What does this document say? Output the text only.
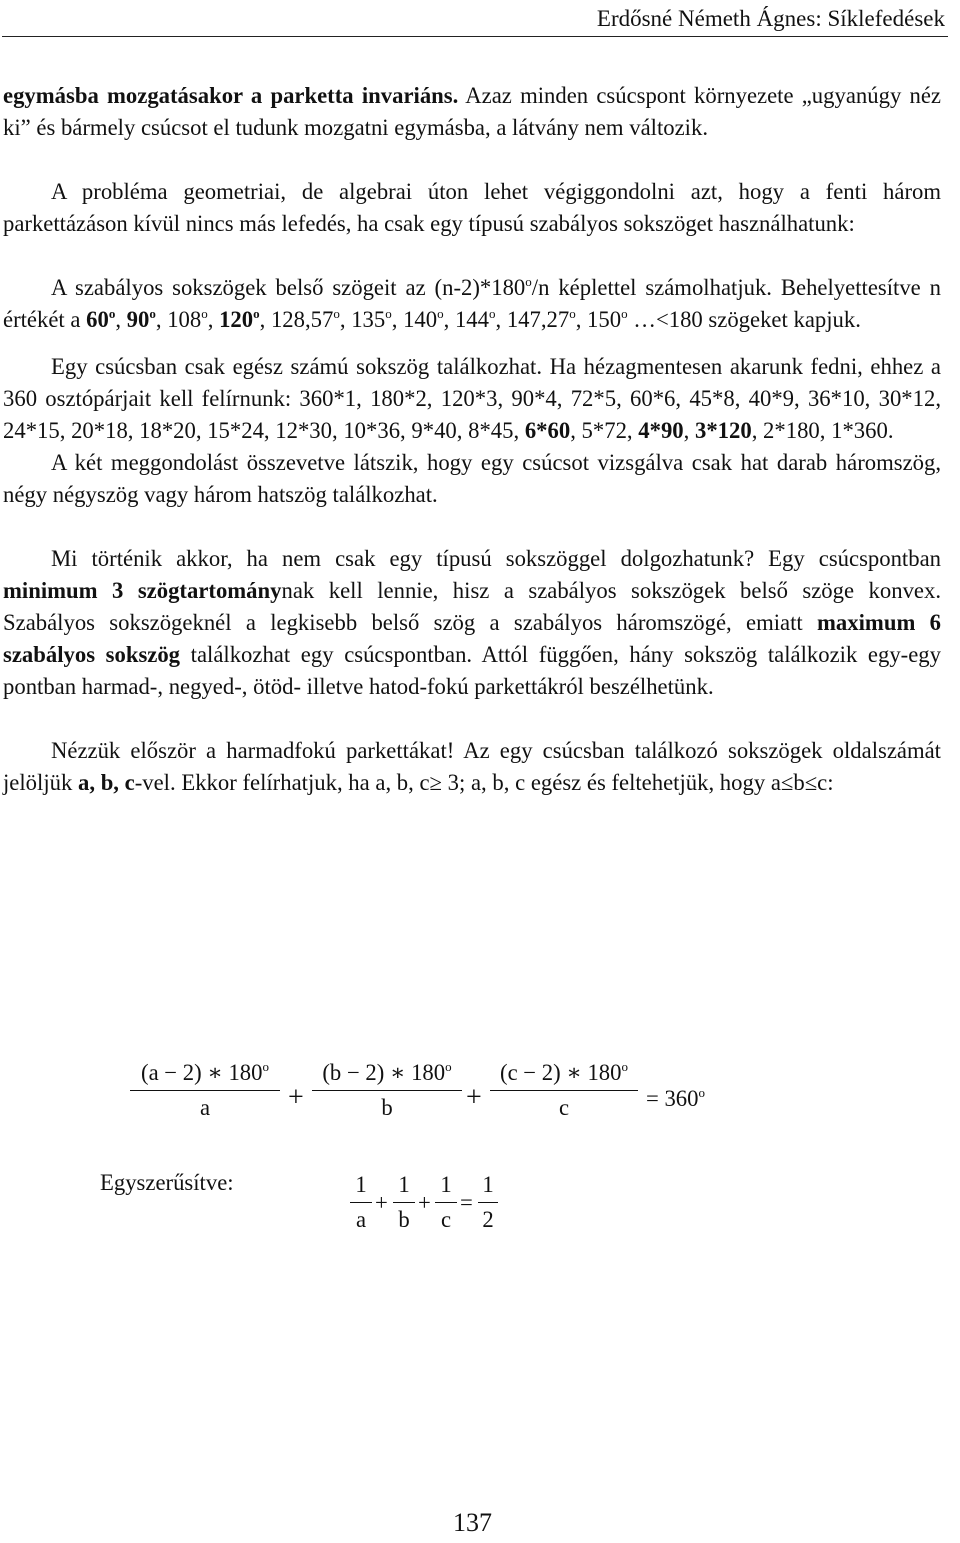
Erdősné Németh Ágnes: Síklefedések

egymásba mozgatásakor a parketta invariáns. Azaz minden csúcspont környezete „ugyanúgy néz ki” és bármely csúcsot el tudunk mozgatni egymásba, a látvány nem változik.

A probléma geometriai, de algebrai úton lehet végiggondolni azt, hogy a fenti három parkettázáson kívül nincs más lefedés, ha csak egy típusú szabályos sokszöget használhatunk:

A szabályos sokszögek belső szögeit az (n-2)*180$^o$/n képlettel számolhatjuk. Behelyettesítve n értékét a 60$^o$, 90$^o$, 108$^o$, 120$^o$, 128,57$^o$, 135$^o$, 140$^o$, 144$^o$, 147,27$^o$, 150$^o$ …<180 szögeket kapjuk.

Egy csúcsban csak egész számú sokszög találkozhat. Ha hézagmentesen akarunk fedni, ehhez a 360 osztópárjait kell felírnunk: 360*1, 180*2, 120*3, 90*4, 72*5, 60*6, 45*8, 40*9, 36*10, 30*12, 24*15, 20*18, 18*20, 15*24, 12*30, 10*36, 9*40, 8*45, 6*60, 5*72, 4*90, 3*120, 2*180, 1*360.

A két meggondolást összevetve látszik, hogy egy csúcsot vizsgálva csak hat darab háromszög, négy négyszög vagy három hatszög találkozhat.

Mi történik akkor, ha nem csak egy típusú sokszöggel dolgozhatunk? Egy csúcspontban minimum 3 szögtartománynak kell lennie, hisz a szabályos sokszögek belső szöge konvex. Szabályos sokszögeknél a legkisebb belső szög a szabályos háromszögé, emiatt maximum 6 szabályos sokszög találkozhat egy csúcspontban. Attól függően, hány sokszög találkozik egy-egy pontban harmad-, negyed-, ötöd- illetve hatod-fokú parkettákról beszélhetünk.

Nézzük először a harmadfokú parkettákat! Az egy csúcsban találkozó sokszögek oldalszámát jelöljük a, b, c-vel. Ekkor felírhatjuk, ha a, b, c≥ 3; a, b, c egész és feltehetjük, hogy a≤b≤c:

(a − 2) ∗ 180$^o$
a	+
(b − 2) ∗ 180$^o$
b	+
(c − 2) ∗ 180$^o$
c	= $360^o$
Egyszerűsítve:	1
a
+
1
b
+
1
c
=
1
2
137
